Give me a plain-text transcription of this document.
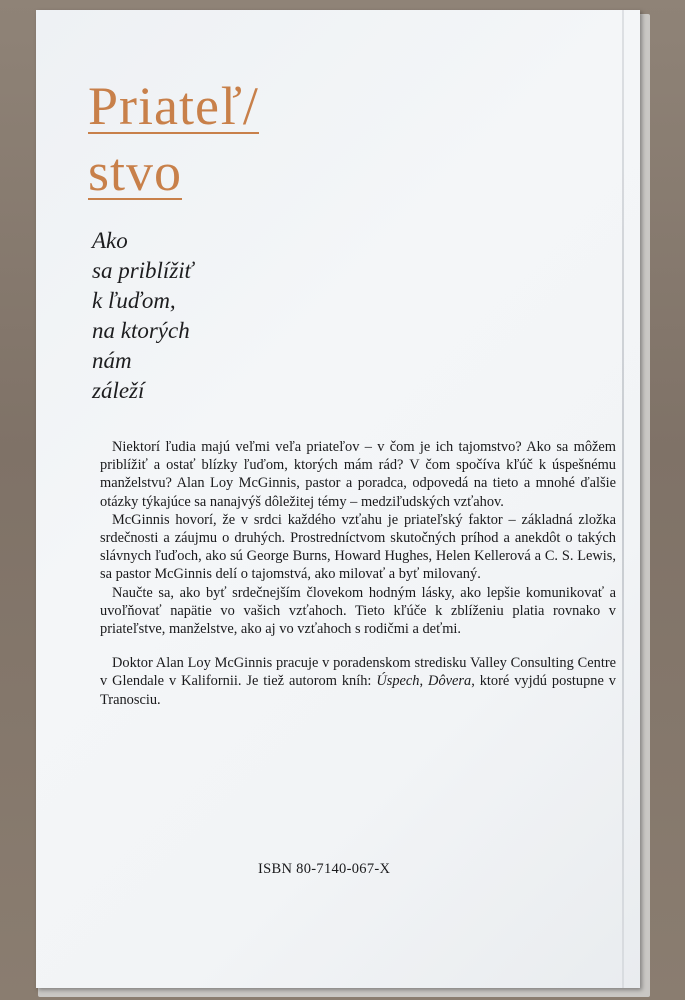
Priateľ/
stvo
Ako
sa priblížiť
k ľuďom,
na ktorých
nám
záleží

Niektorí ľudia majú veľmi veľa priateľov – v čom je ich tajomstvo? Ako sa môžem priblížiť a ostať blízky ľuďom, ktorých mám rád? V čom spočíva kľúč k úspešnému manželstvu? Alan Loy McGinnis, pastor a poradca, odpovedá na tieto a mnohé ďalšie otázky týkajúce sa nanajvýš dôležitej témy – medziľudských vzťahov.

McGinnis hovorí, že v srdci každého vzťahu je priateľský faktor – základná zložka srdečnosti a záujmu o druhých. Prostredníctvom skutočných príhod a anekdôt o takých slávnych ľuďoch, ako sú George Burns, Howard Hughes, Helen Kellerová a C. S. Lewis, sa pastor McGinnis delí o tajomstvá, ako milovať a byť milovaný.

Naučte sa, ako byť srdečnejším človekom hodným lásky, ako lepšie komunikovať a uvoľňovať napätie vo vašich vzťahoch. Tieto kľúče k zblíženiu platia rovnako v priateľstve, manželstve, ako aj vo vzťahoch s rodičmi a deťmi.

Doktor Alan Loy McGinnis pracuje v poradenskom stredisku Valley Consulting Centre v Glendale v Kalifornii. Je tiež autorom kníh: Úspech, Dôvera, ktoré vyjdú postupne v Tranosciu.

ISBN 80-7140-067-X
